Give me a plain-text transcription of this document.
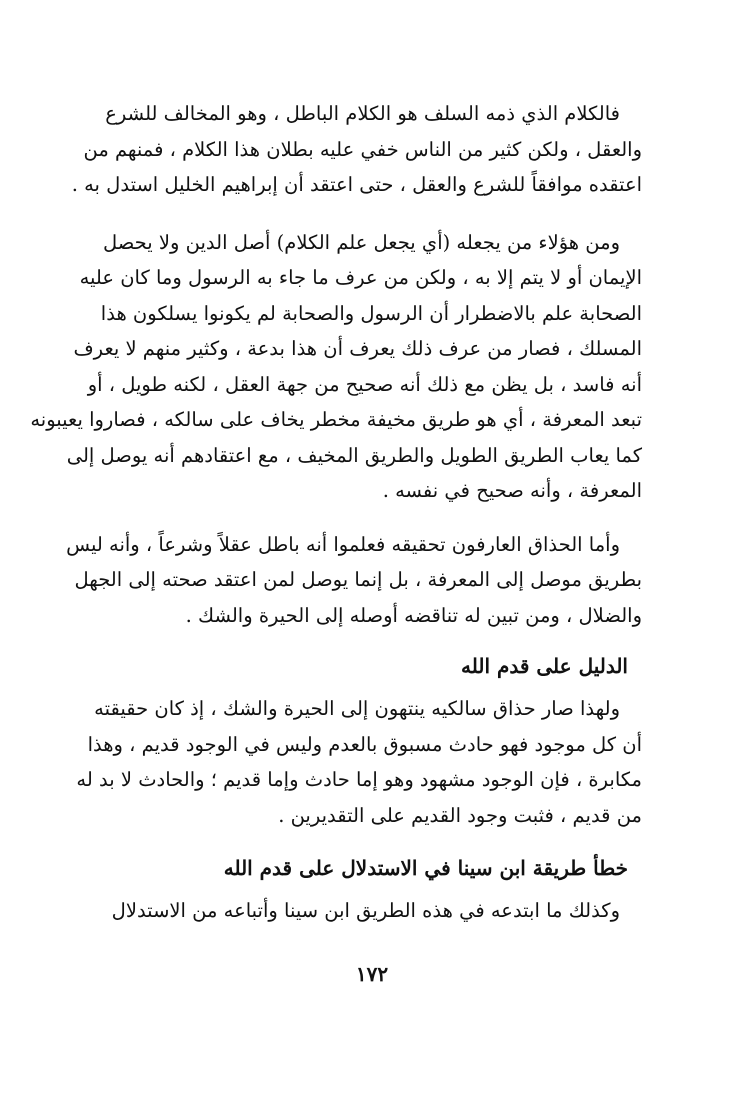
فالكلام الذي ذمه السلف هو الكلام الباطل ، وهو المخالف للشرع
والعقل ، ولكن كثير من الناس خفي عليه بطلان هذا الكلام ، فمنهم من
اعتقده موافقاً للشرع والعقل ، حتى اعتقد أن إبراهيم الخليل استدل به .

ومن هؤلاء من يجعله (أي يجعل علم الكلام) أصل الدين ولا يحصل
الإيمان أو لا يتم إلا به ، ولكن من عرف ما جاء به الرسول وما كان عليه
الصحابة علم بالاضطرار أن الرسول والصحابة لم يكونوا يسلكون هذا
المسلك ، فصار من عرف ذلك يعرف أن هذا بدعة ، وكثير منهم لا يعرف
أنه فاسد ، بل يظن مع ذلك أنه صحيح من جهة العقل ، لكنه طويل ، أو
تبعد المعرفة ، أي هو طريق مخيفة مخطر يخاف على سالكه ، فصاروا يعيبونه
كما يعاب الطريق الطويل والطريق المخيف ، مع اعتقادهم أنه يوصل إلى
المعرفة ، وأنه صحيح في نفسه .

وأما الحذاق العارفون تحقيقه فعلموا أنه باطل عقلاً وشرعاً ، وأنه ليس
بطريق موصل إلى المعرفة ، بل إنما يوصل لمن اعتقد صحته إلى الجهل
والضلال ، ومن تبين له تناقضه أوصله إلى الحيرة والشك .

الدليل على قدم الله

ولهذا صار حذاق سالكيه ينتهون إلى الحيرة والشك ، إذ كان حقيقته
أن كل موجود فهو حادث مسبوق بالعدم وليس في الوجود قديم ، وهذا
مكابرة ، فإن الوجود مشهود وهو إما حادث وإما قديم ؛ والحادث لا بد له
من قديم ، فثبت وجود القديم على التقديرين .

خطأ طريقة ابن سينا في الاستدلال على قدم الله

وكذلك ما ابتدعه في هذه الطريق ابن سينا وأتباعه من الاستدلال

١٧٢
